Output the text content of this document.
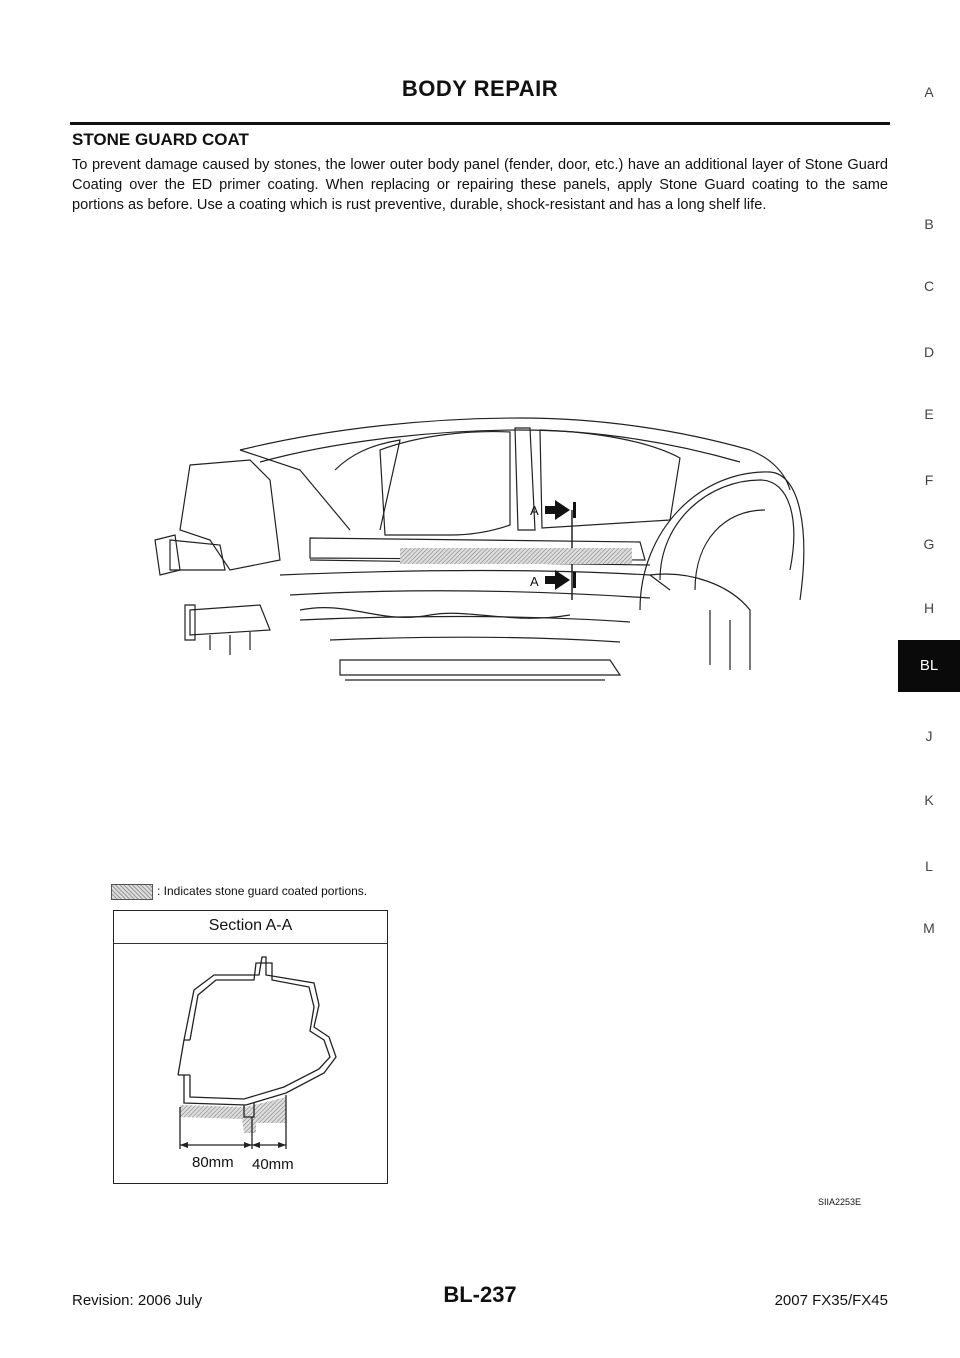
BODY REPAIR
STONE GUARD COAT
To prevent damage caused by stones, the lower outer body panel (fender, door, etc.) have an additional layer of Stone Guard Coating over the ED primer coating. When replacing or repairing these panels, apply Stone Guard coating to the same portions as before. Use a coating which is rust preventive, durable, shock-resistant and has a long shelf life.
A
B
C
D
E
F
G
H
BL
J
K
L
M
A
A
: Indicates stone guard coated portions.
Section A-A
80mm 40mm
SIIA2253E
Revision: 2006 July	BL-237	2007 FX35/FX45
